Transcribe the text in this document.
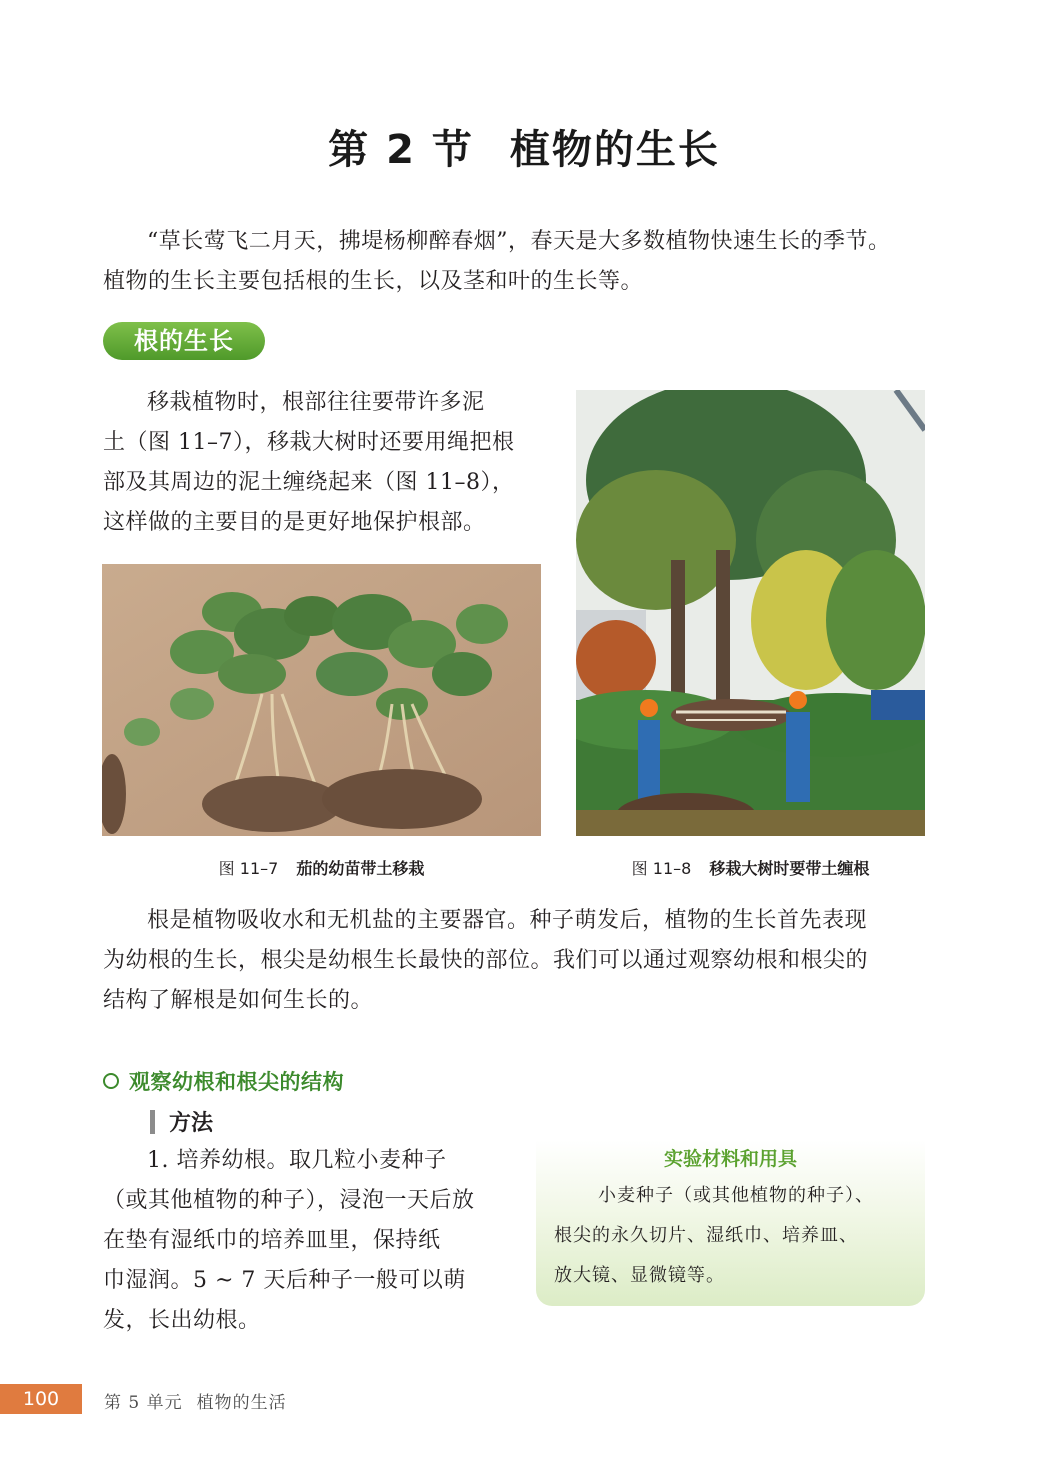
第 2 节 植物的生长

“草长莺飞二月天，拂堤杨柳醉春烟”，春天是大多数植物快速生长的季节。

植物的生长主要包括根的生长，以及茎和叶的生长等。

根的生长

移栽植物时，根部往往要带许多泥

土（图 11–7），移栽大树时还要用绳把根

部及其周边的泥土缠绕起来（图 11–8），

这样做的主要目的是更好地保护根部。

图 11–7 茄的幼苗带土移栽	图 11–8 移栽大树时要带土缠根

根是植物吸收水和无机盐的主要器官。种子萌发后，植物的生长首先表现

为幼根的生长，根尖是幼根生长最快的部位。我们可以通过观察幼根和根尖的

结构了解根是如何生长的。

观察幼根和根尖的结构
方法

1. 培养幼根。取几粒小麦种子

（或其他植物的种子），浸泡一天后放

在垫有湿纸巾的培养皿里，保持纸

巾湿润。5 ~ 7 天后种子一般可以萌

发，长出幼根。

实验材料和用具
小麦种子（或其他植物的种子）、
根尖的永久切片、湿纸巾、培养皿、
放大镜、显微镜等。
100	第 5 单元 植物的生活
